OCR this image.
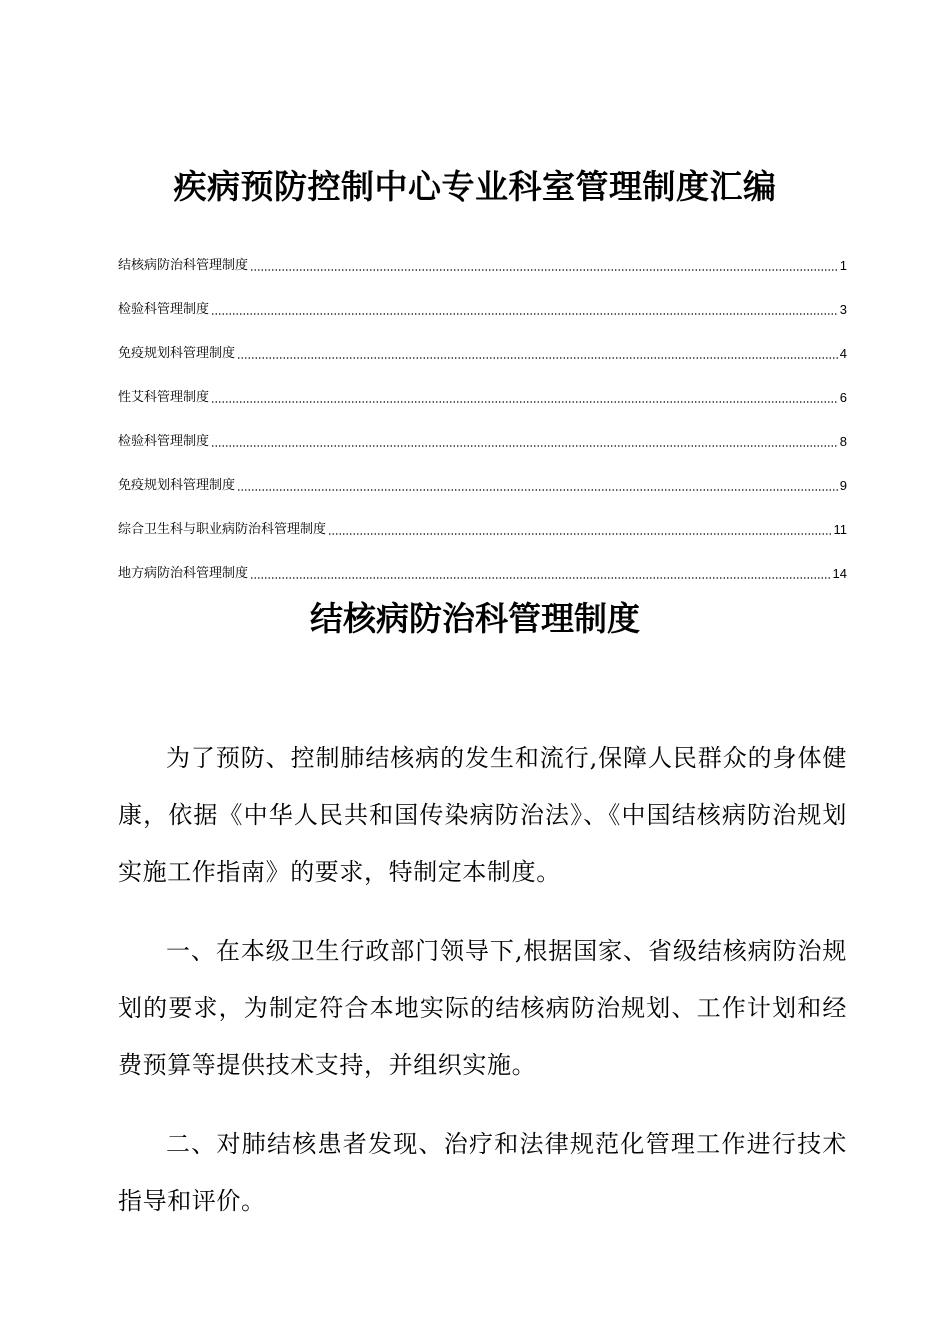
疾病预防控制中心专业科室管理制度汇编
结核病防治科管理制度	1
检验科管理制度	3
免疫规划科管理制度	4
性艾科管理制度	6
检验科管理制度	8
免疫规划科管理制度	9
综合卫生科与职业病防治科管理制度	11
地方病防治科管理制度	14
结核病防治科管理制度

为了预防、控制肺结核病的发生和流行,保障人民群众的身体健康，依据《中华人民共和国传染病防治法》、《中国结核病防治规划实施工作指南》的要求，特制定本制度。

一、在本级卫生行政部门领导下,根据国家、省级结核病防治规划的要求，为制定符合本地实际的结核病防治规划、工作计划和经费预算等提供技术支持，并组织实施。

二、对肺结核患者发现、治疗和法律规范化管理工作进行技术指导和评价。
